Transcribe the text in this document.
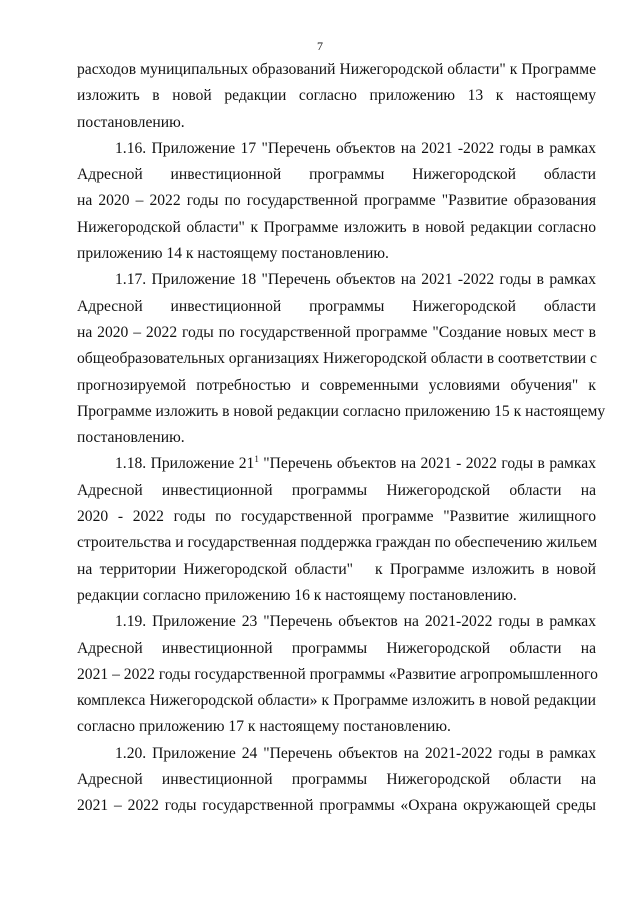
7
расходов муниципальных образований Нижегородской области" к Программе
изложить в новой редакции согласно приложению 13 к настоящему
постановлению.
1.16. Приложение 17 "Перечень объектов на 2021 -2022 годы в рамках
Адресной инвестиционной программы Нижегородской области
на 2020 – 2022 годы по государственной программе "Развитие образования
Нижегородской области" к Программе изложить в новой редакции согласно
приложению 14 к настоящему постановлению.
1.17. Приложение 18 "Перечень объектов на 2021 -2022 годы в рамках
Адресной инвестиционной программы Нижегородской области
на 2020 – 2022 годы по государственной программе "Создание новых мест в
общеобразовательных организациях Нижегородской области в соответствии с
прогнозируемой потребностью и современными условиями обучения" к
Программе изложить в новой редакции согласно приложению 15 к настоящему
постановлению.
1.18. Приложение $21^1$ "Перечень объектов на 2021 - 2022 годы в рамках
Адресной инвестиционной программы Нижегородской области на
2020 - 2022 годы по государственной программе "Развитие жилищного
строительства и государственная поддержка граждан по обеспечению жильем
на территории Нижегородской области"   к Программе изложить в новой
редакции согласно приложению 16 к настоящему постановлению.
1.19. Приложение 23 "Перечень объектов на 2021-2022 годы в рамках
Адресной инвестиционной программы Нижегородской области на
2021 – 2022 годы государственной программы «Развитие агропромышленного
комплекса Нижегородской области» к Программе изложить в новой редакции
согласно приложению 17 к настоящему постановлению.
1.20. Приложение 24 "Перечень объектов на 2021-2022 годы в рамках
Адресной инвестиционной программы Нижегородской области на
2021 – 2022 годы государственной программы «Охрана окружающей среды
